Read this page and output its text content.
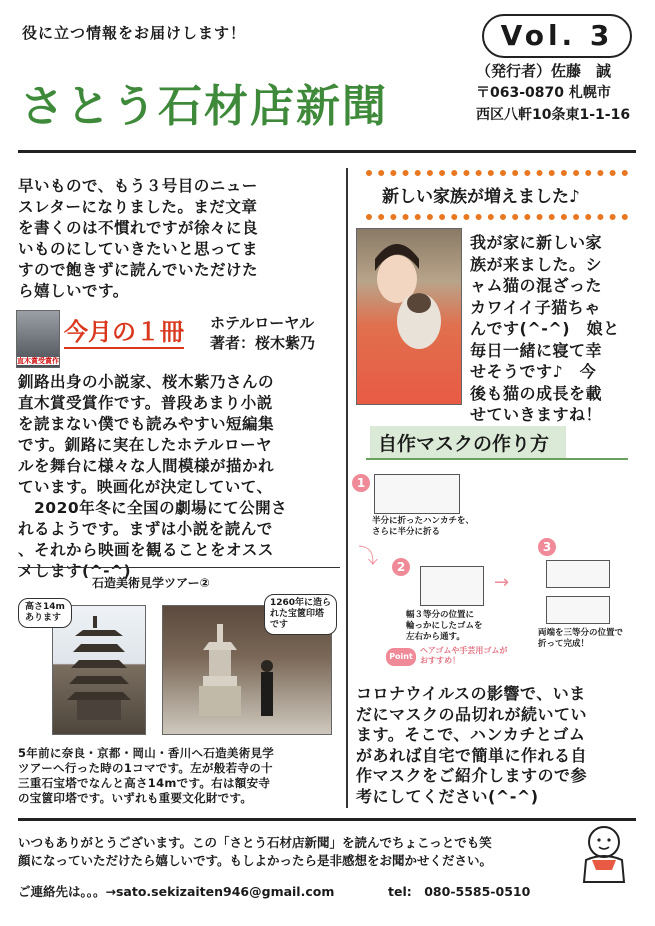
役に立つ情報をお届けします！	Vol. 3
さとう石材店新聞
（発行者）佐藤　誠
〒063-0870 札幌市
西区八軒10条東1-1-16
早いもので、もう３号目のニュー
スレターになりました。まだ文章
を書くのは不慣れですが徐々に良
いものにしていきたいと思ってま
すので飽きずに読んでいただけた
ら嬉しいです。
直木賞受賞作
今月の１冊 ホテルローヤル
著者：桜木紫乃
釧路出身の小説家、桜木紫乃さんの
直木賞受賞作です。普段あまり小説
を読まない僕でも読みやすい短編集
です。釧路に実在したホテルローヤ
ルを舞台に様々な人間模様が描かれ
ています。映画化が決定していて、
　2020年冬に全国の劇場にて公開さ
れるようです。まずは小説を読んで
、それから映画を観ることをオスス
メします(^-^)
石造美術見学ツアー②
高さ14m
あります
1260年に造ら
れた宝篋印塔
です
5年前に奈良・京都・岡山・香川へ石造美術見学
ツアーへ行った時の1コマです。左が般若寺の十
三重石宝塔でなんと高さ14mです。右は額安寺
の宝篋印塔です。いずれも重要文化財です。
新しい家族が増えました♪
我が家に新しい家
族が来ました。シ
ャム猫の混ざった
カワイイ子猫ちゃ
んです(^-^)　娘と
毎日一緒に寝て幸
せそうです♪　今
後も猫の成長を載
せていきますね！
自作マスクの作り方
1
半分に折ったハンカチを、
さらに半分に折る
⤵	2
幅３等分の位置に
輪っかにしたゴムを
左右から通す。
Point
ヘアゴムや手芸用ゴムが
おすすめ！
→
3
両端を三等分の位置で
折って完成！
コロナウイルスの影響で、いま
だにマスクの品切れが続いてい
ます。そこで、ハンカチとゴム
があれば自宅で簡単に作れる自
作マスクをご紹介しますので参
考にしてください(^-^)
いつもありがとうございます。この「さとう石材店新聞」を読んでちょこっとでも笑
顔になっていただけたら嬉しいです。もしよかったら是非感想をお聞かせください。
ご連絡先は。。。→sato.sekizaiten946@gmail.com	tel:　080-5585-0510
